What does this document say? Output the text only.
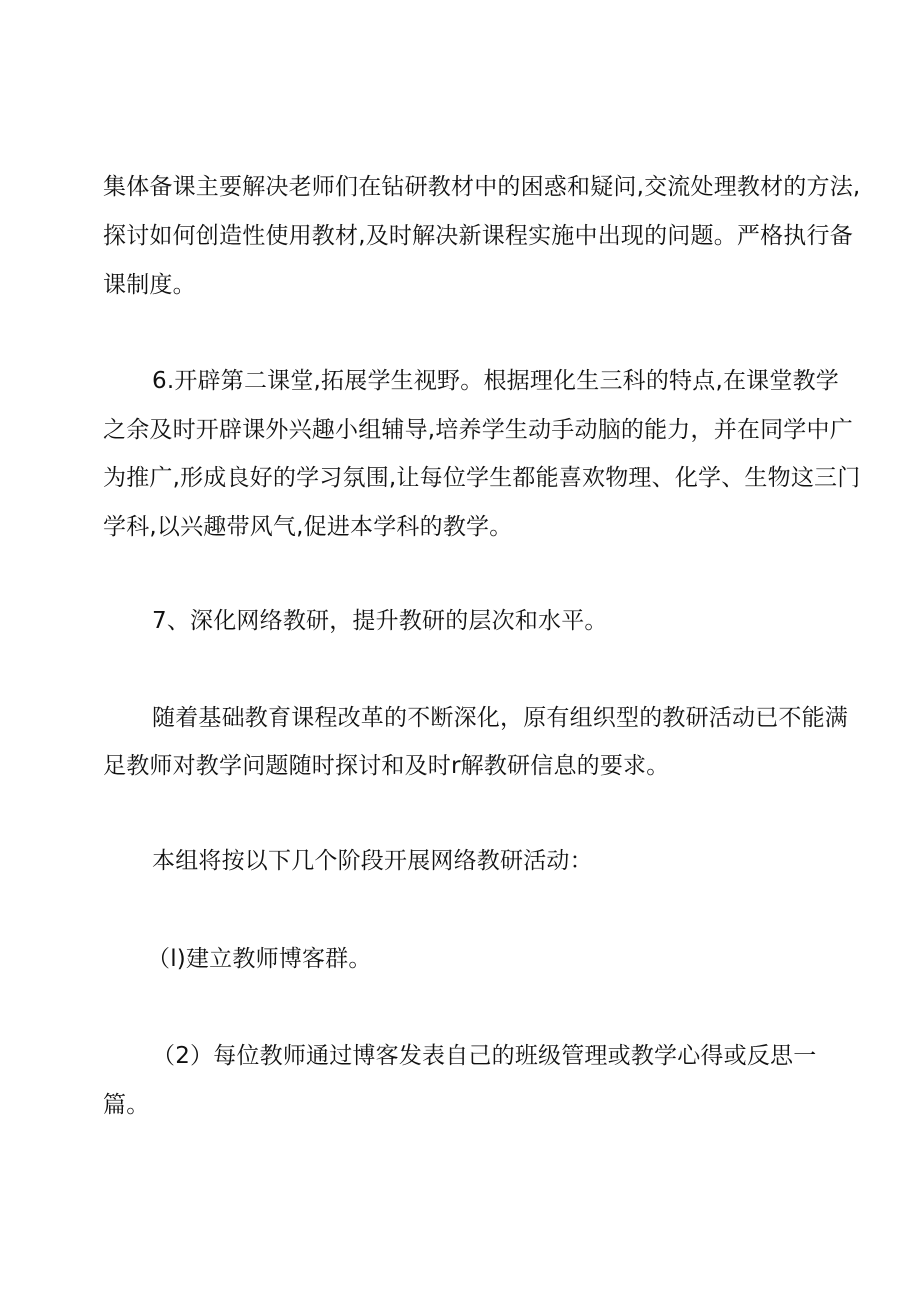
集体备课主要解决老师们在钻研教材中的困惑和疑问,交流处理教材的方法,
探讨如何创造性使用教材,及时解决新课程实施中出现的问题。严格执行备
课制度。
6.开辟第二课堂,拓展学生视野。根据理化生三科的特点,在课堂教学
之余及时开辟课外兴趣小组辅导,培养学生动手动脑的能力，并在同学中广
为推广,形成良好的学习氛围,让每位学生都能喜欢物理、化学、生物这三门
学科,以兴趣带风气,促进本学科的教学。
7、深化网络教研，提升教研的层次和水平。
随着基础教育课程改革的不断深化，原有组织型的教研活动已不能满
足教师对教学问题随时探讨和及时r解教研信息的要求。
本组将按以下几个阶段开展网络教研活动：
（l)建立教师博客群。
（2）每位教师通过博客发表自己的班级管理或教学心得或反思一
篇。
